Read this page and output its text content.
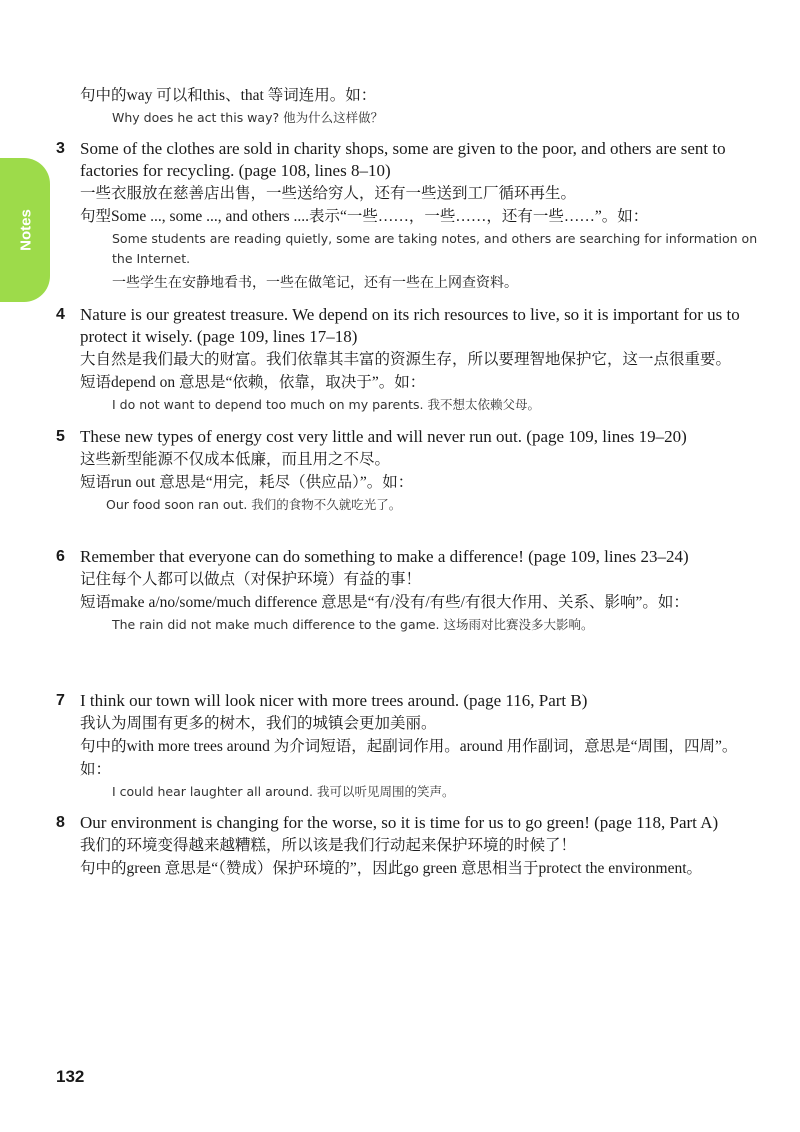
Notes

句中的way 可以和this、that 等词连用。如：

Why does he act this way? 他为什么这样做？

3 Some of the clothes are sold in charity shops, some are given to the poor, and others are sent to factories for recycling. (page 108, lines 8–10)

一些衣服放在慈善店出售，一些送给穷人，还有一些送到工厂循环再生。

句型Some ..., some ..., and others ....表示“一些……，一些……，还有一些……”。如：

Some students are reading quietly, some are taking notes, and others are searching for information on the Internet.

一些学生在安静地看书，一些在做笔记，还有一些在上网查资料。

4 Nature is our greatest treasure. We depend on its rich resources to live, so it is important for us to protect it wisely. (page 109, lines 17–18)

大自然是我们最大的财富。我们依靠其丰富的资源生存，所以要理智地保护它，这一点很重要。

短语depend on 意思是“依赖，依靠，取决于”。如：

I do not want to depend too much on my parents. 我不想太依赖父母。

5 These new types of energy cost very little and will never run out. (page 109, lines 19–20)

这些新型能源不仅成本低廉，而且用之不尽。

短语run out 意思是“用完，耗尽（供应品）”。如：

Our food soon ran out. 我们的食物不久就吃光了。

6 Remember that everyone can do something to make a difference! (page 109, lines 23–24)

记住每个人都可以做点（对保护环境）有益的事！

短语make a/no/some/much difference 意思是“有/没有/有些/有很大作用、关系、影响”。如：

The rain did not make much difference to the game. 这场雨对比赛没多大影响。

7 I think our town will look nicer with more trees around. (page 116, Part B)

我认为周围有更多的树木，我们的城镇会更加美丽。

句中的with more trees around 为介词短语，起副词作用。around 用作副词，意思是“周围，四周”。如：

I could hear laughter all around. 我可以听见周围的笑声。

8 Our environment is changing for the worse, so it is time for us to go green! (page 118, Part A)

我们的环境变得越来越糟糕，所以该是我们行动起来保护环境的时候了！

句中的green 意思是“（赞成）保护环境的”，因此go green 意思相当于protect the environment。

132
